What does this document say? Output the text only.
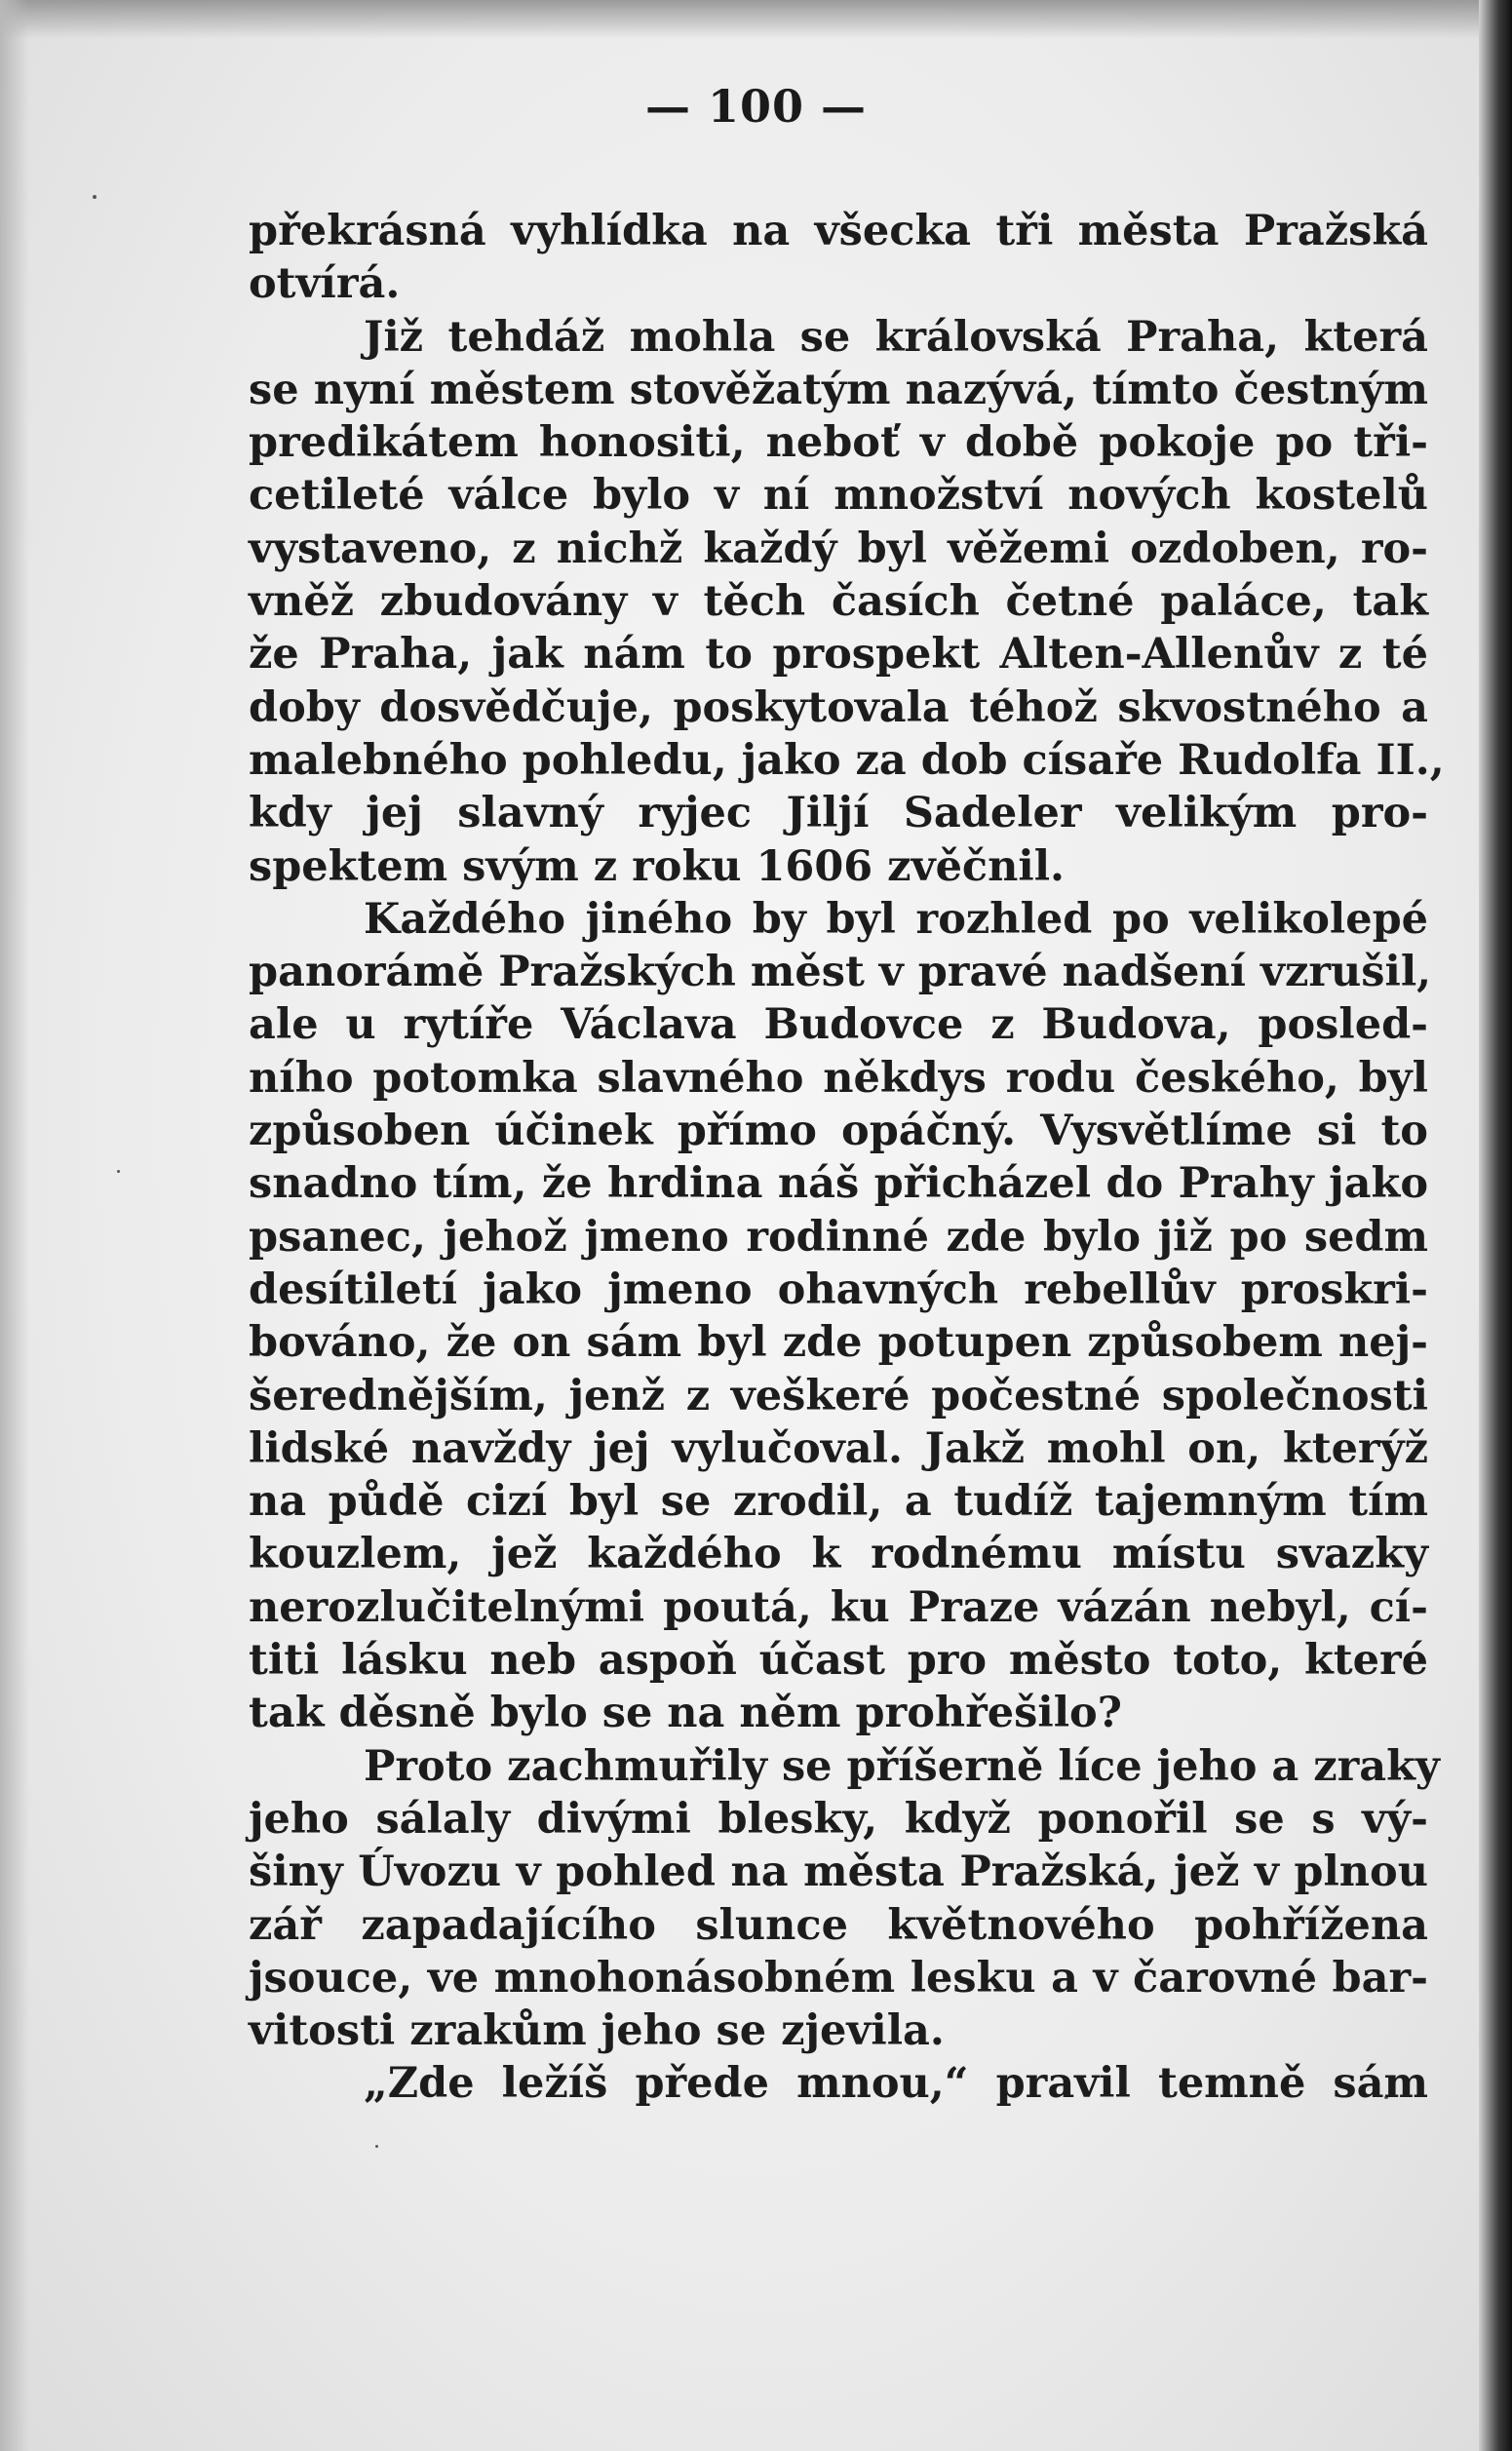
— 100 —
překrásná vyhlídka na všecka tři města Pražská
otvírá.
Již tehdáž mohla se královská Praha, která
se nyní městem stověžatým nazývá, tímto čestným
predikátem honositi, neboť v době pokoje po tři-
cetileté válce bylo v ní množství nových kostelů
vystaveno, z nichž každý byl věžemi ozdoben, ro-
vněž zbudovány v těch časích četné paláce, tak
že Praha, jak nám to prospekt Alten-Allenův z té
doby dosvědčuje, poskytovala téhož skvostného a
malebného pohledu, jako za dob císaře Rudolfa II.,
kdy jej slavný ryjec Jiljí Sadeler velikým pro-
spektem svým z roku 1606 zvěčnil.
Každého jiného by byl rozhled po velikolepé
panorámě Pražských měst v pravé nadšení vzrušil,
ale u rytíře Václava Budovce z Budova, posled-
ního potomka slavného někdys rodu českého, byl
způsoben účinek přímo opáčný. Vysvětlíme si to
snadno tím, že hrdina náš přicházel do Prahy jako
psanec, jehož jmeno rodinné zde bylo již po sedm
desítiletí jako jmeno ohavných rebellův proskri-
bováno, že on sám byl zde potupen způsobem nej-
šeredněјším, jenž z veškeré počestné společnosti
lidské navždy jej vylučoval. Jakž mohl on, kterýž
na půdě cizí byl se zrodil, a tudíž tajemným tím
kouzlem, jež každého k rodnému místu svazky
nerozlučitelnými poutá, ku Praze vázán nebyl, cí-
titi lásku neb aspoň účast pro město toto, které
tak děsně bylo se na něm prohřešilo?
Proto zachmuřily se příšerně líce jeho a zraky
jeho sálaly divými blesky, když ponořil se s vý-
šiny Úvozu v pohled na města Pražská, jež v plnou
zář zapadajícího slunce květnového pohřížena
jsouce, ve mnohonásobném lesku a v čarovné bar-
vitosti zrakům jeho se zjevila.
„Zde ležíš přede mnou,“ pravil temně sám
